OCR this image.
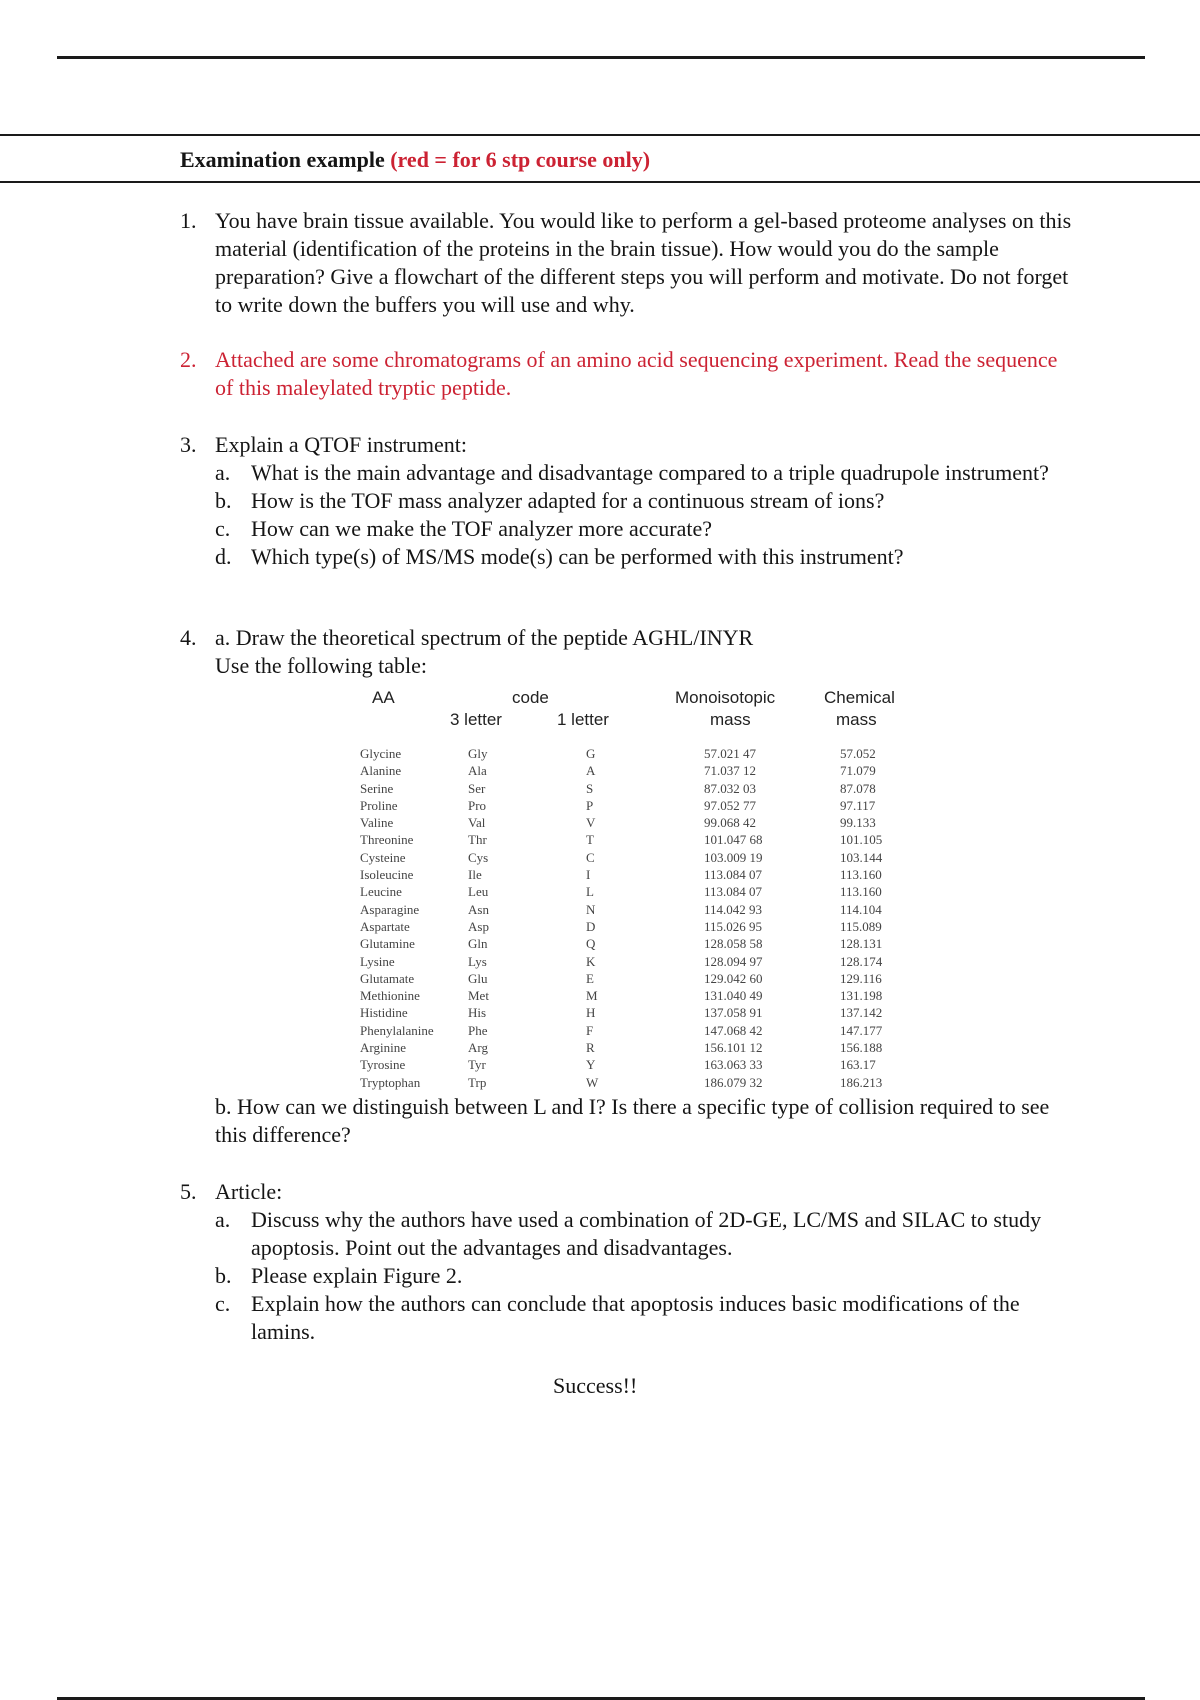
Examination example (red = for 6 stp course only)
1. You have brain tissue available. You would like to perform a gel-based proteome analyses on this material (identification of the proteins in the brain tissue). How would you do the sample preparation? Give a flowchart of the different steps you will perform and motivate. Do not forget to write down the buffers you will use and why.
2. Attached are some chromatograms of an amino acid sequencing experiment. Read the sequence of this maleylated tryptic peptide.
3. Explain a QTOF instrument:
a. What is the main advantage and disadvantage compared to a triple quadrupole instrument?
b. How is the TOF mass analyzer adapted for a continuous stream of ions?
c. How can we make the TOF analyzer more accurate?
d. Which type(s) of MS/MS mode(s) can be performed with this instrument?
4. a. Draw the theoretical spectrum of the peptide AGHL/INYR
Use the following table:
AA	code
3 letter	1 letter
Monoisotopic
mass
Chemical
mass
Glycine	Gly	G	57.021 47	57.052
Alanine	Ala	A	71.037 12	71.079
Serine	Ser	S	87.032 03	87.078
Proline	Pro	P	97.052 77	97.117
Valine	Val	V	99.068 42	99.133
Threonine	Thr	T	101.047 68	101.105
Cysteine	Cys	C	103.009 19	103.144
Isoleucine	Ile	I	113.084 07	113.160
Leucine	Leu	L	113.084 07	113.160
Asparagine	Asn	N	114.042 93	114.104
Aspartate	Asp	D	115.026 95	115.089
Glutamine	Gln	Q	128.058 58	128.131
Lysine	Lys	K	128.094 97	128.174
Glutamate	Glu	E	129.042 60	129.116
Methionine	Met	M	131.040 49	131.198
Histidine	His	H	137.058 91	137.142
Phenylalanine	Phe	F	147.068 42	147.177
Arginine	Arg	R	156.101 12	156.188
Tyrosine	Tyr	Y	163.063 33	163.17
Tryptophan	Trp	W	186.079 32	186.213
b. How can we distinguish between L and I? Is there a specific type of collision required to see this difference?
5. Article:
a. Discuss why the authors have used a combination of 2D-GE, LC/MS and SILAC to study apoptosis. Point out the advantages and disadvantages.
b. Please explain Figure 2.
c. Explain how the authors can conclude that apoptosis induces basic modifications of the lamins.
Success!!
